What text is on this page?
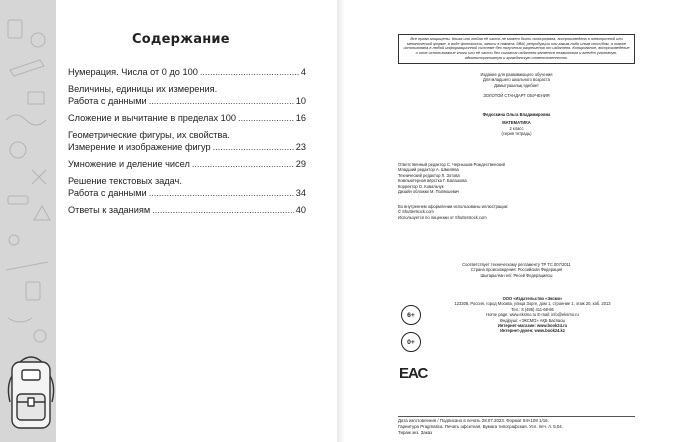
Содержание
Нумерация. Числа от 0 до 100 .....	4
Величины, единицы их измерения.
Работа с данными .....	10
Сложение и вычитание в пределах 100 .....	16
Геометрические фигуры, их свойства.
Измерение и изображение фигур .....	23
Умножение и деление чисел .....	29
Решение текстовых задач.
Работа с данными .....	34
Ответы к заданиям .....	40
Все права защищены. Книга или любая её часть не может быть скопирована, воспроизведена в электронной или механической форме, в виде фотокопии, записи в память ЭВМ, репродукции или каким-либо иным способом, а также использована в любой информационной системе без получения разрешения от издателя. Копирование, воспроизведение и иное использование книги или её части без согласия издателя является незаконным и влечёт уголовную, административную и гражданскую ответственность.
Издание для развивающего обучения
Для младшего школьного возраста
Дамытушылық әдебиет
ЗОЛОТОЙ СТАНДАРТ ОБУЧЕНИЯ
Федоскина Ольга Владимировна
МАТЕМАТИКА
2 класс
(серия тетрадь)
Ответственный редактор С. Чернышов-Рождественский
Младший редактор А. Шмелёва
Технический редактор Л. Зотова
Компьютерная вёрстка Г. Балашова
Корректор О. Ковальчук
Дизайн обложки М. Полякшевич
Во внутреннем оформлении использованы иллюстрации:
© Shutterstock.com
Используется по лицензии от Shutterstock.com
Соответствует техническому регламенту ТР ТС 007/2011
Страна происхождения: Российская Федерация
Шығарылған елі: Ресей Федерациясы
6+
0+
ЕАС
ООО «Издательство «Эксмо»
123308, Россия, город Москва, улица Зорге, дом 1, строение 1, этаж 20, каб. 2013
Тел.: 8 (495) 411-68-86
Home page: www.eksmo.ru E-mail: info@eksmo.ru
Өндіруші: «ЭКСМО» АҚБ Баспасы
Интернет-магазин: www.book24.ru
Интернет-дүкен: www.book24.kz
Дата изготовления / Подписано в печать 28.07.2023. Формат 84×108 1/16.
Гарнитура Pragmatica. Печать офсетная. Бумага типографская. Усл. печ. л. 5,04.
Тираж экз. Заказ
